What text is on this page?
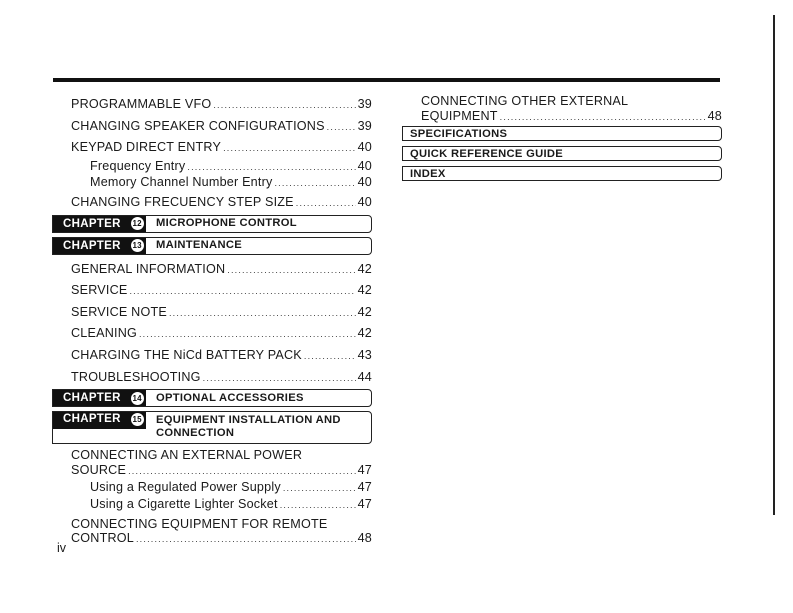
PROGRAMMABLE VFO .....	39
CHANGING SPEAKER CONFIGURATIONS .....	39
KEYPAD DIRECT ENTRY .....	40
Frequency Entry .....	40
Memory Channel Number Entry .....	40
CHANGING FRECUENCY STEP SIZE .....	40
CHAPTER 12	MICROPHONE CONTROL
CHAPTER 13	MAINTENANCE
GENERAL INFORMATION .....	42
SERVICE .....	42
SERVICE NOTE .....	42
CLEANING .....	42
CHARGING THE NiCd BATTERY PACK .....	43
TROUBLESHOOTING .....	44
CHAPTER 14	OPTIONAL ACCESSORIES
CHAPTER 15 EQUIPMENT INSTALLATION AND
CONNECTION
CONNECTING AN EXTERNAL POWER
SOURCE .....	47
Using a Regulated Power Supply .....	47
Using a Cigarette Lighter Socket .....	47
CONNECTING EQUIPMENT FOR REMOTE
CONTROL .....	48
CONNECTING OTHER EXTERNAL
EQUIPMENT .....	48
SPECIFICATIONS
QUICK REFERENCE GUIDE
INDEX
iv
